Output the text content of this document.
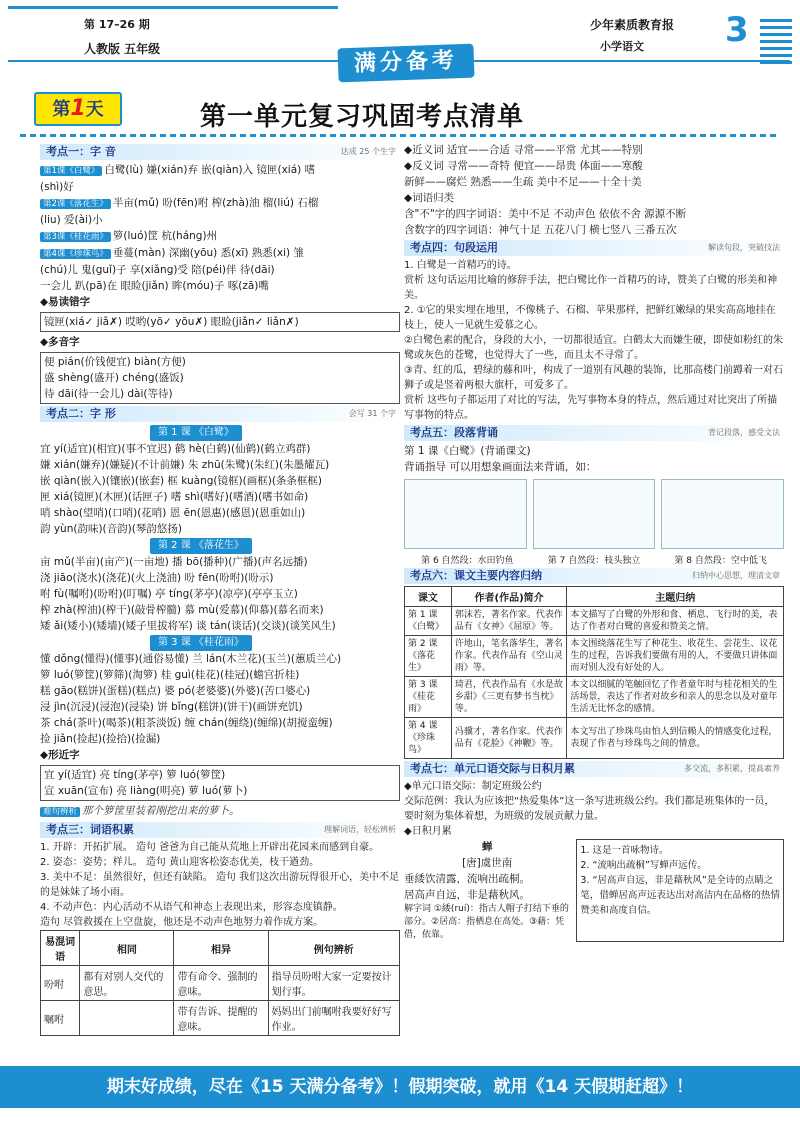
第 17–26 期
人教版 五年级	满分备考
少年素质教育报
小学语文 3
第1天	第一单元复习巩固考点清单
考点一：字 音	达成 25 个生字
第1课《白鹭》 白鹭(lù) 嫌(xián)弃 嵌(qiàn)入 镜匣(xiá) 嗜
(shì)好
第2课《落花生》 半亩(mǔ) 吩(fēn)咐 榨(zhà)油 榴(liú) 石榴
(liu) 爱(ài)小
第3课《桂花雨》 箩(luó)筐 杭(háng)州
第4课《珍珠鸟》 垂蔓(màn) 深幽(yōu) 悉(xī) 熟悉(xi) 雏
(chú)儿 鬼(guǐ)子 享(xiǎng)受 陪(péi)伴 待(dāi)
一会儿 趴(pā)在 眼睑(jiǎn) 眸(móu)子 啄(zā)嘴
◆易读错字
镜匣(xiá✓ jiǎ✗) 哎哟(yō✓ yōu✗) 眼睑(jiǎn✓ liǎn✗)
◆多音字
便 pián(价钱便宜) biàn(方便)
盛 shèng(盛开) chéng(盛饭)
待 dāi(待一会儿) dài(等待)
考点二：字 形	会写 31 个字
第 1 课 《白鹭》
宜 yí(适宜)(相宜)(事不宜迟) 鹤 hè(白鹤)(仙鹤)(鹤立鸡群)
嫌 xián(嫌弃)(嫌疑)(不计前嫌) 朱 zhū(朱鹭)(朱红)(朱墨耀瓦)
嵌 qiàn(嵌入)(镶嵌)(嵌套) 框 kuàng(镜框)(画框)(条条框框)
匣 xiá(镜匣)(木匣)(话匣子) 嗜 shì(嗜好)(嗜酒)(嗜书如命)
哨 shào(望哨)(口哨)(花哨) 恩 ēn(恩惠)(感恩)(恩重如山)
韵 yùn(韵味)(音韵)(琴韵悠扬)
第 2 课 《落花生》
亩 mǔ(半亩)(亩产)(一亩地) 播 bō(播种)(广播)(声名远播)
浇 jiāo(浇水)(浇花)(火上浇油) 吩 fēn(吩咐)(吩示)
咐 fù(嘱咐)(吩咐)(叮嘱) 亭 tíng(茅亭)(凉亭)(亭亭玉立)
榨 zhà(榨油)(榨干)(敲骨榨髓) 慕 mù(爱慕)(仰慕)(慕名而来)
矮 ǎi(矮小)(矮墙)(矮子里拔将军) 谈 tán(谈话)(交谈)(谈笑风生)
第 3 课 《桂花雨》
懂 dǒng(懂得)(懂事)(通俗易懂) 兰 lán(木兰花)(玉兰)(蕙质兰心)
箩 luó(箩筐)(箩筛)(淘箩) 桂 guì(桂花)(桂冠)(蟾宫折桂)
糕 gāo(糕饼)(蛋糕)(糕点) 婆 pó(老婆婆)(外婆)(苦口婆心)
浸 jìn(沉浸)(浸泡)(浸染) 饼 bǐng(糕饼)(饼干)(画饼充饥)
茶 chá(茶叶)(喝茶)(粗茶淡饭) 缠 chán(缠绕)(缠绵)(胡搅蛮缠)
捡 jiǎn(捡起)(捡拾)(捡漏)
◆形近字
宜 yí(适宜) 亮 tíng(茅亭) 箩 luó(箩筐)
宣 xuān(宣布) 亮 liàng(明亮) 萝 luó(萝卜)
难句辨析 那个箩筐里装着刚挖出来的萝卜。
考点三：词语积累	理解词语，轻松辨析
1. 开辟：开拓扩展。 造句 爸爸为自己能从荒地上开辟出花园来而感到自豪。
2. 姿态：姿势；样儿。 造句 黄山迎客松姿态优美，枝干遒劲。
3. 美中不足：虽然很好，但还有缺陷。 造句 我们这次出游玩得很开心，美中不足的是妹妹了场小雨。
4. 不动声色：内心活动不从语气和神态上表现出来，形容态度镇静。
造句 尽管救援在上空盘旋，他还是不动声色地努力着作成方案。
易混词语	相同	相异	例句辨析
吩咐	都有对别人交代的意思。	带有命令、强制的意味。	指导员吩咐大家一定要按计划行事。
嘱咐		带有告诉、提醒的意味。	妈妈出门前嘱咐我要好好写作业。
◆近义词 适宜——合适 寻常——平常 尤其——特别
◆反义词 寻常——奇特 便宜——昂贵 体面——寒酸
新鲜——腐烂 熟悉——生疏 美中不足——十全十美
◆词语归类
含"不"字的四字词语：美中不足 不动声色 依依不舍 源源不断
含数字的四字词语：神气十足 五花八门 横七竖八 三番五次
考点四：句段运用	解读句段，突破技法
1. 白鹭是一首精巧的诗。
赏析 这句话运用比喻的修辞手法，把白鹭比作一首精巧的诗，赞美了白鹭的形美和神美。
2. ①它的果实埋在地里，不像桃子、石榴、苹果那样，把鲜红嫩绿的果实高高地挂在枝上，使人一见就生爱慕之心。
②白鹭色素的配合，身段的大小，一切都很适宜。白鹤太大而嫌生硬，即使如粉红的朱鹭或灰色的苍鹭，也觉得大了一些，而且太不寻常了。
③青、红的瓜，碧绿的藤和叶，构成了一道别有风趣的装饰，比那高楼门前蹲着一对石狮子或是竖着两根大旗杆，可爱多了。
赏析 这些句子都运用了对比的写法，先写事物本身的特点，然后通过对比突出了所描写事物的特点。
考点五：段落背诵	背记段落，感受文法
第 1 课《白鹭》(背诵课文)
背诵指导 可以用想象画面法来背诵，如：
第 6 自然段：水田钓鱼	第 7 自然段：枝头独立	第 8 自然段：空中低飞
考点六：课文主要内容归纳	归纳中心思想，理清文章
课文	作者(作品)简介	主题归纳
第 1 课《白鹭》	郭沫若，著名作家。代表作品有《女神》《屈原》等。	本文描写了白鹭的外形和食、栖息、飞行时的美，表达了作者对白鹭的喜爱和赞美之情。
第 2 课《落花生》	许地山，笔名落华生，著名作家。代表作品有《空山灵雨》等。	本文围绕落花生写了种花生、收花生、尝花生、议花生的过程，告诉我们要做有用的人，不要做只讲体面而对别人没有好处的人。
第 3 课《桂花雨》	琦君，代表作品有《水是故乡甜》《三更有梦书当枕》等。	本文以细腻的笔触回忆了作者童年时与桂花相关的生活场景，表达了作者对故乡和亲人的思念以及对童年生活无比怀念的感情。
第 4 课《珍珠鸟》	冯骥才，著名作家。代表作品有《花脸》《神鞭》等。	本文写出了珍珠鸟由怕人到信赖人的情感变化过程，表现了作者与珍珠鸟之间的情意。
考点七：单元口语交际与日积月累	多交流，多积累，提高素养
◆单元口语交际：制定班级公约
交际范例：我认为应该把“热爱集体”这一条写进班级公约。我们都是班集体的一员，要时刻为集体着想，为班级的发展贡献力量。
◆日积月累
蝉
[唐]虞世南
垂緌饮清露，流响出疏桐。
居高声自远，非是藉秋风。
解字词 ①緌(ruí)：指古人帽子打结下垂的部分。②居高：指栖息在高处。③藉：凭借，依靠。
1. 这是一首咏物诗。
2. “流响出疏桐”写蝉声远传。
3. “居高声自远，非是藉秋风”是全诗的点睛之笔，借蝉居高声远表达出对高洁内在品格的热情赞美和高度自信。
期末好成绩，尽在《15 天满分备考》！假期突破，就用《14 天假期赶超》！
